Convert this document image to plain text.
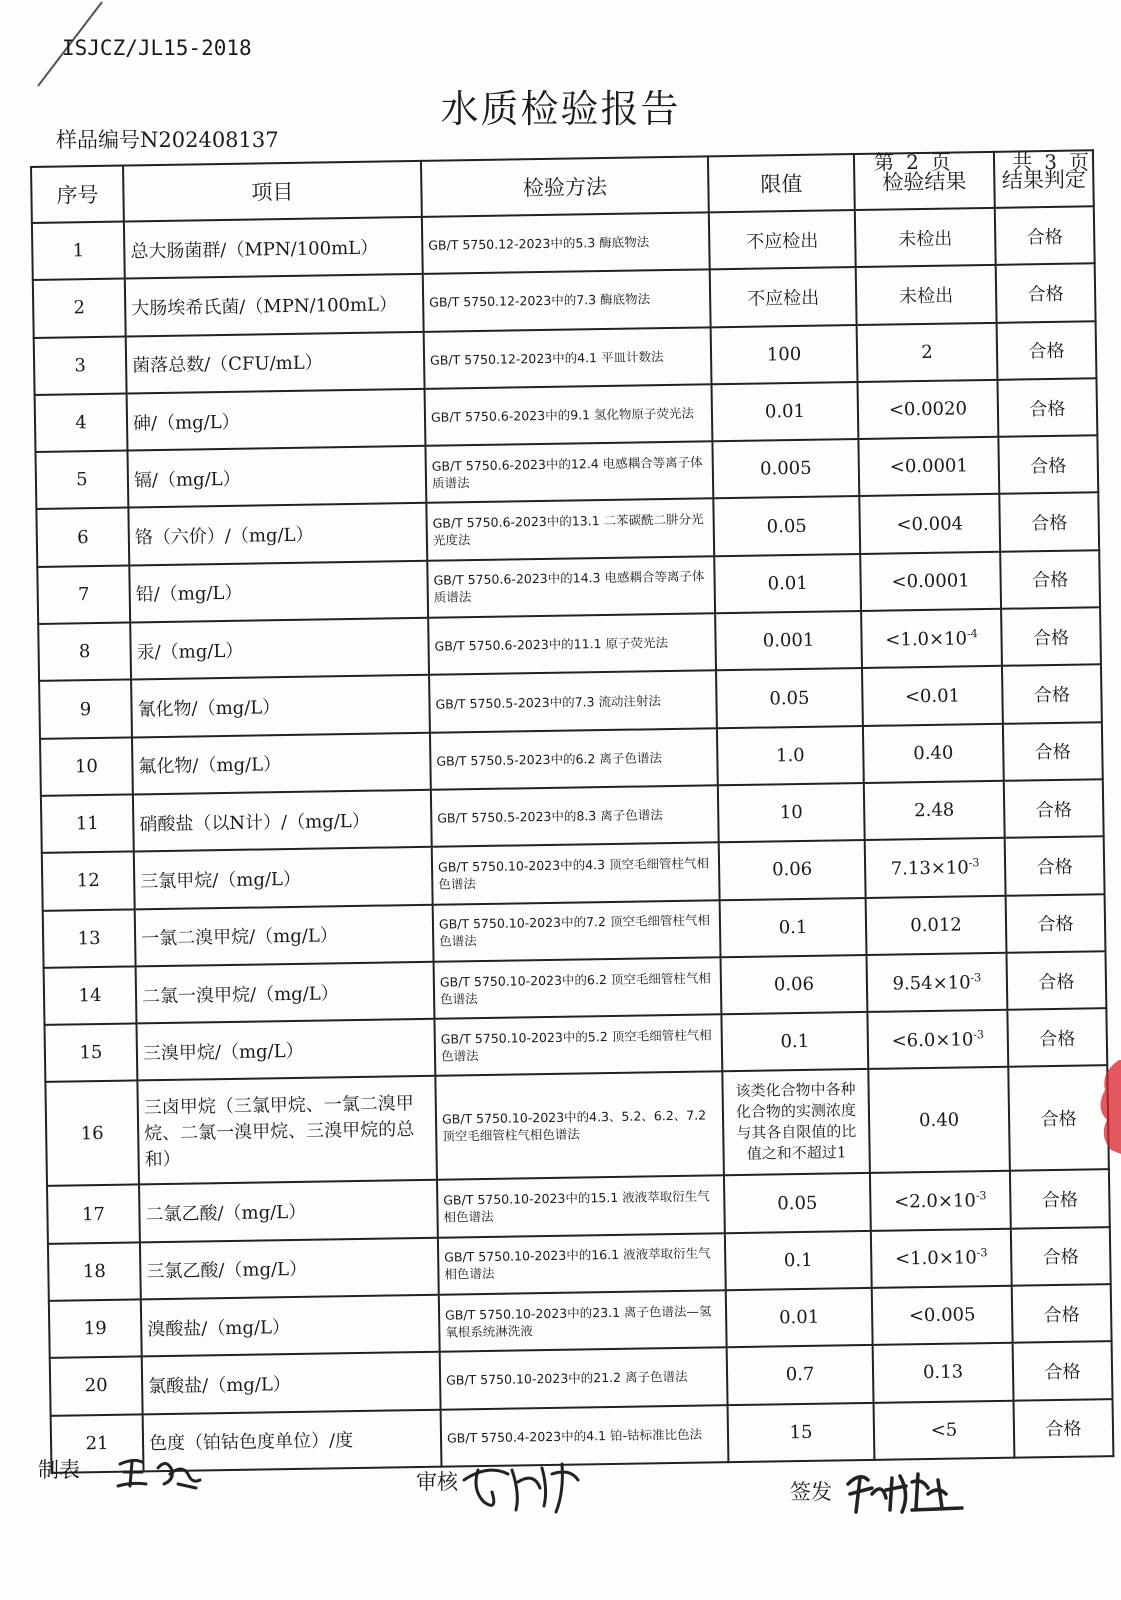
ISJCZ/JL15-2018
水质检验报告
样品编号N202408137
第 2 页	共 3 页
序号	项目	检验方法	限值	检验结果	结果判定
1	总大肠菌群/（MPN/100mL）	GB/T 5750.12-2023中的5.3 酶底物法	不应检出	未检出	合格
2	大肠埃希氏菌/（MPN/100mL）	GB/T 5750.12-2023中的7.3 酶底物法	不应检出	未检出	合格
3	菌落总数/（CFU/mL）	GB/T 5750.12-2023中的4.1 平皿计数法	100	2	合格
4	砷/（mg/L）	GB/T 5750.6-2023中的9.1 氢化物原子荧光法	0.01	<0.0020	合格
5	镉/（mg/L）	GB/T 5750.6-2023中的12.4 电感耦合等离子体质谱法	0.005	<0.0001	合格
6	铬（六价）/（mg/L）	GB/T 5750.6-2023中的13.1 二苯碳酰二肼分光光度法	0.05	<0.004	合格
7	铅/（mg/L）	GB/T 5750.6-2023中的14.3 电感耦合等离子体质谱法	0.01	<0.0001	合格
8	汞/（mg/L）	GB/T 5750.6-2023中的11.1 原子荧光法	0.001	$<1.0\times 10^{-4}$	合格
9	氰化物/（mg/L）	GB/T 5750.5-2023中的7.3 流动注射法	0.05	<0.01	合格
10	氟化物/（mg/L）	GB/T 5750.5-2023中的6.2 离子色谱法	1.0	0.40	合格
11	硝酸盐（以N计）/（mg/L）	GB/T 5750.5-2023中的8.3 离子色谱法	10	2.48	合格
12	三氯甲烷/（mg/L）	GB/T 5750.10-2023中的4.3 顶空毛细管柱气相色谱法	0.06	$7.13\times 10^{-3}$	合格
13	一氯二溴甲烷/（mg/L）	GB/T 5750.10-2023中的7.2 顶空毛细管柱气相色谱法	0.1	0.012	合格
14	二氯一溴甲烷/（mg/L）	GB/T 5750.10-2023中的6.2 顶空毛细管柱气相色谱法	0.06	$9.54\times 10^{-3}$	合格
15	三溴甲烷/（mg/L）	GB/T 5750.10-2023中的5.2 顶空毛细管柱气相色谱法	0.1	$<6.0\times 10^{-3}$	合格
16	三卤甲烷（三氯甲烷、一氯二溴甲烷、二氯一溴甲烷、三溴甲烷的总和）	GB/T 5750.10-2023中的4.3、5.2、6.2、7.2 顶空毛细管柱气相色谱法	该类化合物中各种化合物的实测浓度与其各自限值的比值之和不超过1	0.40	合格
17	二氯乙酸/（mg/L）	GB/T 5750.10-2023中的15.1 液液萃取衍生气相色谱法	0.05	$<2.0\times 10^{-3}$	合格
18	三氯乙酸/（mg/L）	GB/T 5750.10-2023中的16.1 液液萃取衍生气相色谱法	0.1	$<1.0\times 10^{-3}$	合格
19	溴酸盐/（mg/L）	GB/T 5750.10-2023中的23.1 离子色谱法—氢氧根系统淋洗液	0.01	<0.005	合格
20	氯酸盐/（mg/L）	GB/T 5750.10-2023中的21.2 离子色谱法	0.7	0.13	合格
21	色度（铂钴色度单位）/度	GB/T 5750.4-2023中的4.1 铂-钴标准比色法	15	<5	合格
制表	审核	签发
